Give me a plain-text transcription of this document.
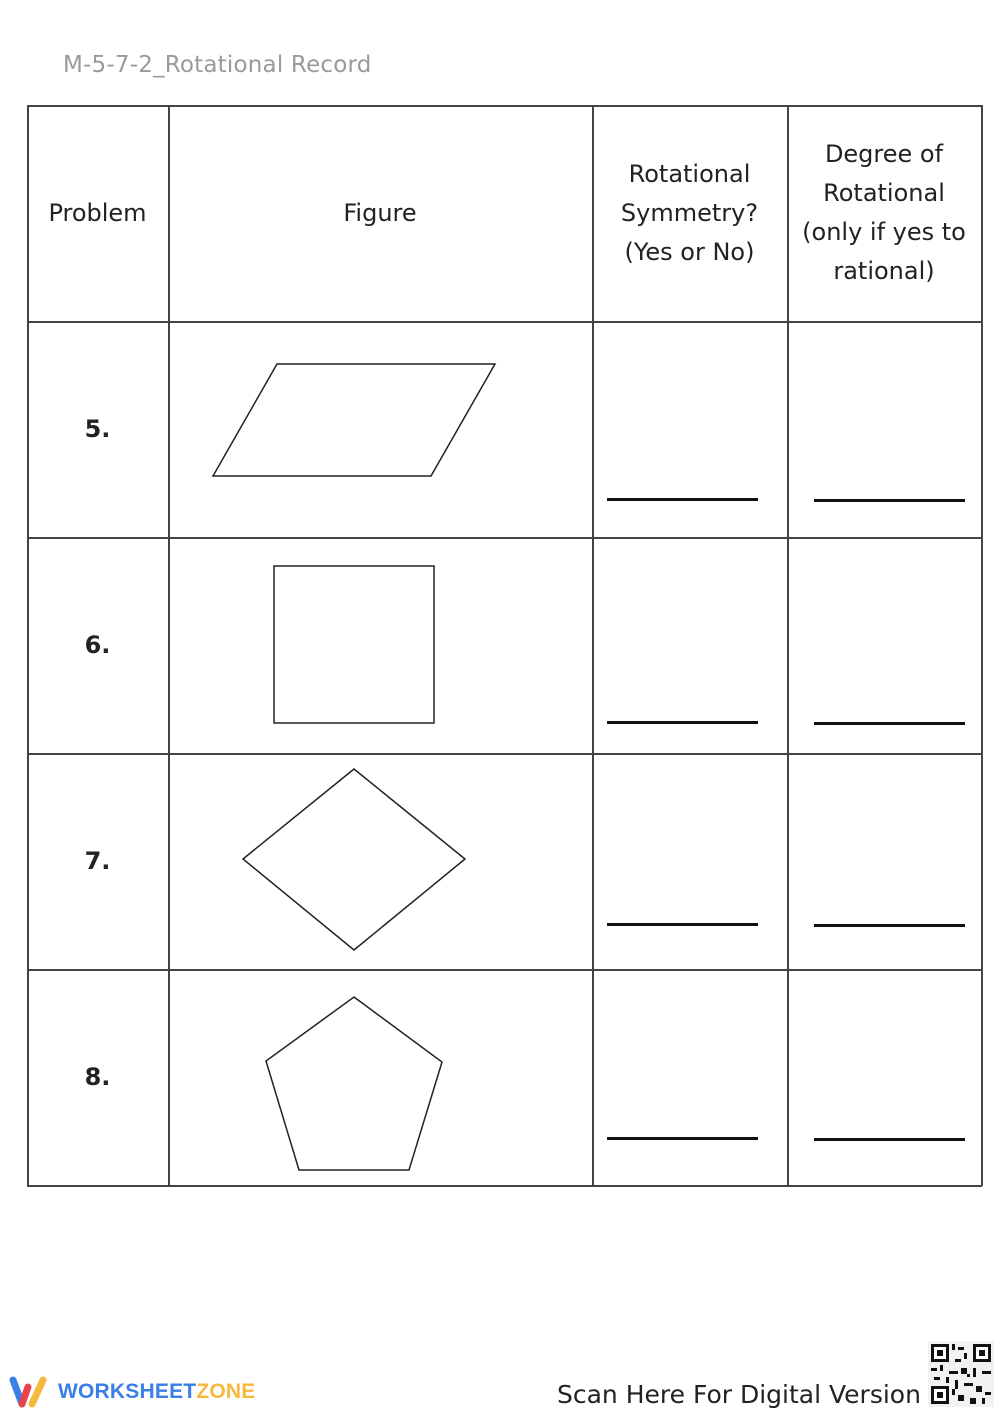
M-5-7-2_Rotational Record
Problem	Figure
Rotational
Symmetry?
(Yes or No)
Degree of
Rotational
(only if yes to
rational)
5.
6.
7.
8.
WORKSHEETZONE	Scan Here For Digital Version
